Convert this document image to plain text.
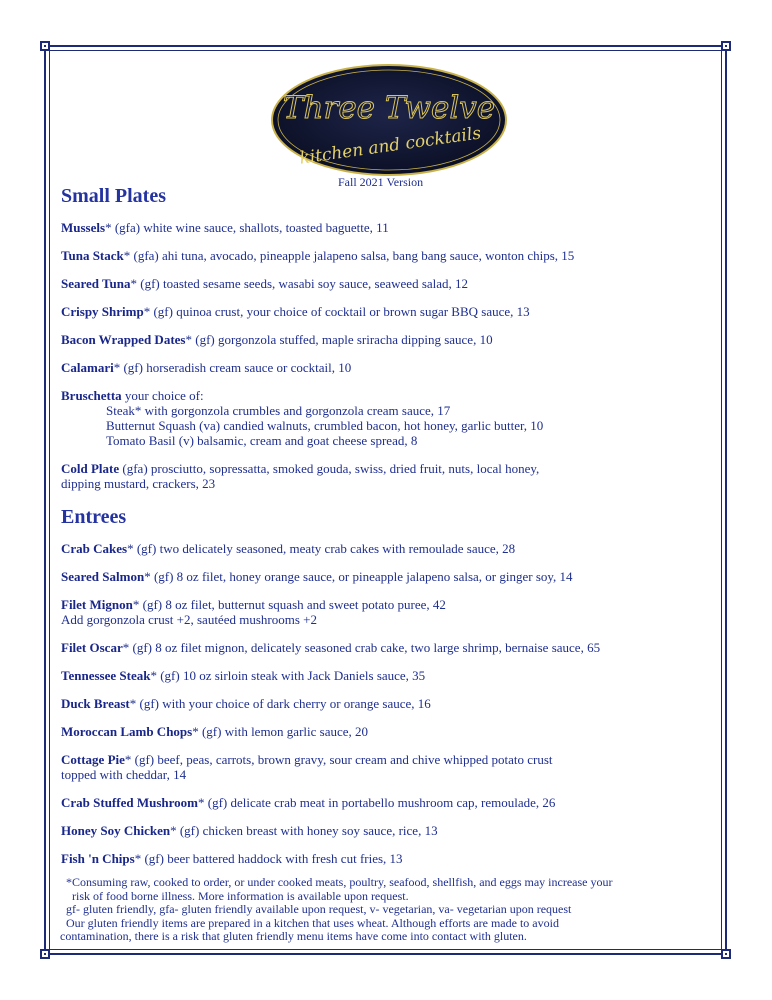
Three Twelve
kitchen and cocktails
Fall 2021 Version
Small Plates

Mussels* (gfa) white wine sauce, shallots, toasted baguette, 11

Tuna Stack* (gfa) ahi tuna, avocado, pineapple jalapeno salsa, bang bang sauce, wonton chips, 15

Seared Tuna* (gf) toasted sesame seeds, wasabi soy sauce, seaweed salad, 12

Crispy Shrimp* (gf) quinoa crust, your choice of cocktail or brown sugar BBQ sauce, 13

Bacon Wrapped Dates* (gf) gorgonzola stuffed, maple sriracha dipping sauce, 10

Calamari* (gf) horseradish cream sauce or cocktail, 10

Bruschetta your choice of:

Steak* with gorgonzola crumbles and gorgonzola cream sauce, 17

Butternut Squash (va) candied walnuts, crumbled bacon, hot honey, garlic butter, 10

Tomato Basil (v) balsamic, cream and goat cheese spread, 8

Cold Plate (gfa) prosciutto, sopressatta, smoked gouda, swiss, dried fruit, nuts, local honey,

dipping mustard, crackers, 23

Entrees

Crab Cakes* (gf) two delicately seasoned, meaty crab cakes with remoulade sauce, 28

Seared Salmon* (gf) 8 oz filet, honey orange sauce, or pineapple jalapeno salsa, or ginger soy, 14

Filet Mignon* (gf) 8 oz filet, butternut squash and sweet potato puree, 42

Add gorgonzola crust +2, sautéed mushrooms +2

Filet Oscar* (gf) 8 oz filet mignon, delicately seasoned crab cake, two large shrimp, bernaise sauce, 65

Tennessee Steak* (gf) 10 oz sirloin steak with Jack Daniels sauce, 35

Duck Breast* (gf) with your choice of dark cherry or orange sauce, 16

Moroccan Lamb Chops* (gf) with lemon garlic sauce, 20

Cottage Pie* (gf) beef, peas, carrots, brown gravy, sour cream and chive whipped potato crust

topped with cheddar, 14

Crab Stuffed Mushroom* (gf) delicate crab meat in portabello mushroom cap, remoulade, 26

Honey Soy Chicken* (gf) chicken breast with honey soy sauce, rice, 13

Fish 'n Chips* (gf) beer battered haddock with fresh cut fries, 13

*Consuming raw, cooked to order, or under cooked meats, poultry, seafood, shellfish, and eggs may increase your

risk of food borne illness. More information is available upon request.

gf- gluten friendly, gfa- gluten friendly available upon request, v- vegetarian, va- vegetarian upon request

Our gluten friendly items are prepared in a kitchen that uses wheat. Although efforts are made to avoid

contamination, there is a risk that gluten friendly menu items have come into contact with gluten.
